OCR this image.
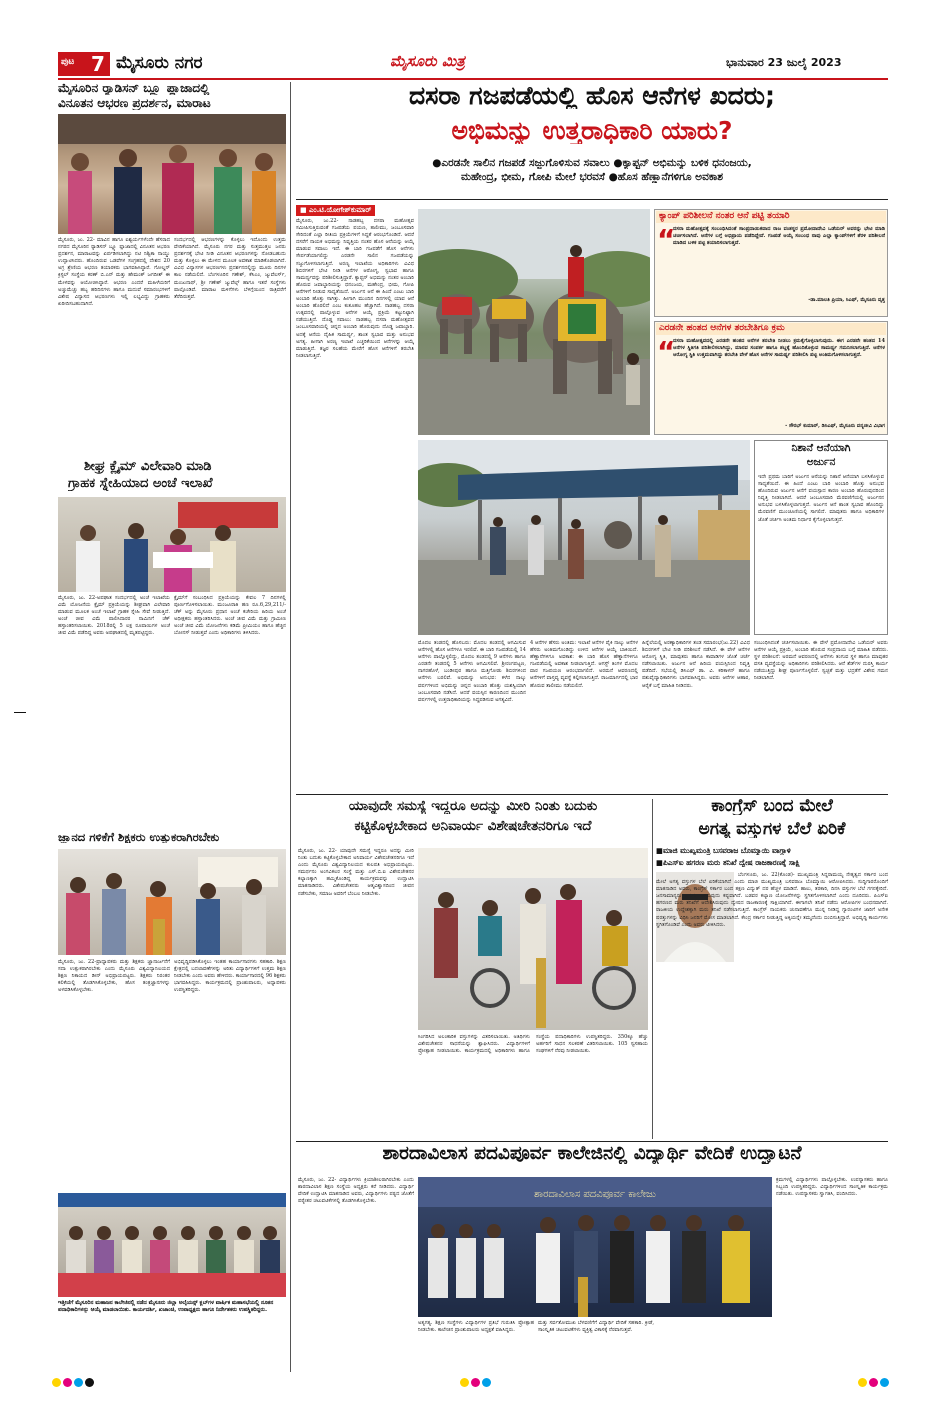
ಪುಟ 7 ಮೈಸೂರು ನಗರ	ಮೈಸೂರು ಮಿತ್ರ	ಭಾನುವಾರ 23 ಜುಲೈ 2023
ಮೈಸೂರಿನ ರ‍್ಯಾಡಿಸನ್ ಬ್ಲ್ಯೂ ಪ್ಲಾಜಾದಲ್ಲಿ
ವಿನೂತನ ಆಭರಣ ಪ್ರದರ್ಶನ, ಮಾರಾಟ
ಮೈಸೂರು, ಜು. 22- ಮಾವಿನ ಹಾಗೂ ಐಶ್ವರ್ಯಗಳೆಂದೇ ಹೆಸರಾದ ನಗರದ ಮೈಸೂರಿನ ರ‍್ಯಾಡಿಸನ್ ಬ್ಲ್ಯೂ ಪ್ಲಾಜಾದಲ್ಲಿ ವಿನೂತನ ಆಭರಣ ಪ್ರದರ್ಶನ, ಮಾರಾಟವನ್ನು ಏರ್ಪಡಿಸಲಾಗಿದ್ದು ನಟಿ ನಿಶ್ವಿಕಾ ನಾಯ್ಡು ಉದ್ಘಾಟಿಸಿದರು. ಹೊಂದಿರುವ ಒಡವೆಗಳ ಸಂಗ್ರಹದಲ್ಲಿ ದೇಶದ 20 ಅಗ್ರ ಶ್ರೇಣಿಯ ಆಭರಣ ತಯಾರಕರು ಭಾಗವಹಿಸಿದ್ದಾರೆ. ಗೋಲ್ಡನ್ ಕ್ರಿಸ್ಟಲ್ ಸಂಸ್ಥೆಯ ಕರಣ್ ಬಿ.ಎನ್ ಮತ್ತು ಹೇಮಂತ್ ಜಗದೀಶ್ ಈ ಮೇಳವನ್ನು ಆಯೋಜಿಸಿದ್ದಾರೆ. ಆಭರಣ ಎಂದರೆ ಮಹಿಳೆಯರಿಗೆ ಅಚ್ಚುಮೆಚ್ಚು ಹಬ್ಬ ಹರಿದಿನಗಳು ಹಾಗೂ ಮದುವೆ ಸಮಾರಂಭಗಳಿಗೆ ವಿಶೇಷ ವಿನ್ಯಾಸದ ಆಭರಣಗಳು ಇಲ್ಲಿ ಲಭ್ಯವಿದ್ದು ಗ್ರಾಹಕರು ಖರೀದಿಸಬಹುದಾಗಿದೆ.
ಸಂದರ್ಭದಲ್ಲಿ ಆಭರಣಗಳನ್ನು ಕೊಳ್ಳಲು ಇದೊಂದು ಉತ್ತಮ ವೇದಿಕೆಯಾಗಿದೆ. ಮೈಸೂರು ನಗರ ಮತ್ತು ಸುತ್ತಮುತ್ತಲ ಜನರು ಪ್ರದರ್ಶನಕ್ಕೆ ಭೇಟಿ ನೀಡಿ ವಿನೂತನ ಆಭರಣಗಳನ್ನು ನೋಡಬಹುದು ಮತ್ತು ಕೊಳ್ಳಲು ಈ ಮೇಳದ ಮೂಲಕ ಅವಕಾಶ ಮಾಡಿಕೊಡಲಾಗಿದೆ. ವಿವಿಧ ವಿನ್ಯಾಸಗಳ ಆಭರಣಗಳು ಪ್ರದರ್ಶನದಲ್ಲಿದ್ದು ಮೂರು ದಿನಗಳ ಕಾಲ ನಡೆಯಲಿದೆ. ಬೆಂಗಳೂರಿನ ಗಣೇಶ್, ಕೆಸಿಎಂ, ಜ್ಯುವೆಲರ್ಸ್, ಮಂಜುನಾಥ್, ಶ್ರೀ ಗಣೇಶ್ ಜ್ಯುವೆಲ್ಸ್ ಹಾಗೂ ಇತರೆ ಸಂಸ್ಥೆಗಳು ಪಾಲ್ಗೊಂಡಿವೆ. ಮಾರಾಟ ಮಳಿಗೆಗಳು ಬೆಳಿಗ್ಗೆಯಿಂದ ರಾತ್ರಿವರೆಗೆ ತೆರೆದಿರುತ್ತವೆ.
ಶೀಘ್ರ ಕ್ಲೈಮ್ ವಿಲೇವಾರಿ ಮಾಡಿ
ಗ್ರಾಹಕ ಸ್ನೇಹಿಯಾದ ಅಂಚೆ ಇಲಾಖೆ
ಮೈಸೂರು, ಜು. 22-ಅಪಘಾತ ಸಂದರ್ಭದಲ್ಲಿ ಅಂಚೆ ಇಲಾಖೆಯ ವಿಮೆ ಯೋಜನೆಯ ಕ್ಲೈಮ್ ಪ್ರಕ್ರಿಯೆಯನ್ನು ಶೀಘ್ರವಾಗಿ ವಿಲೇವಾರಿ ಮಾಡುವ ಮೂಲಕ ಅಂಚೆ ಇಲಾಖೆ ಗ್ರಾಹಕ ಸ್ನೇಹಿ ಸೇವೆ ನೀಡುತ್ತಿದೆ. ಅಂಚೆ ಜೀವ ವಿಮೆ ಪಾಲಿಸಿದಾರರ ನಾಮಿನಿಗೆ ಚೆಕ್ ಹಸ್ತಾಂತರಿಸಲಾಯಿತು. 2018ರಲ್ಲಿ 5 ಲಕ್ಷ ರೂಪಾಯಿಗಳ ಅಂಚೆ ಜೀವ ವಿಮೆ ಪಡೆದಿದ್ದ ಅವರು ಅಪಘಾತದಲ್ಲಿ ಮೃತಪಟ್ಟಿದ್ದರು.
ಕ್ಲೈಮ್‌ಗೆ ಸಂಬಂಧಿಸಿದ ಪ್ರಕ್ರಿಯೆಯನ್ನು ಕೇವಲ 7 ದಿನಗಳಲ್ಲಿ ಪೂರ್ಣಗೊಳಿಸಲಾಯಿತು. ಮಂಜೂರಾತಿ ಹಣ ರೂ.6,29,211/- ಚೆಕ್ ಅನ್ನು ಮೈಸೂರು ಪ್ರಧಾನ ಅಂಚೆ ಕಚೇರಿಯ ಹಿರಿಯ ಅಂಚೆ ಅಧೀಕ್ಷಕರು ಹಸ್ತಾಂತರಿಸಿದರು. ಅಂಚೆ ಜೀವ ವಿಮೆ ಮತ್ತು ಗ್ರಾಮೀಣ ಅಂಚೆ ಜೀವ ವಿಮೆ ಯೋಜನೆಗಳು ಕಡಿಮೆ ಪ್ರೀಮಿಯಂ ಹಾಗೂ ಹೆಚ್ಚಿನ ಬೋನಸ್ ನೀಡುತ್ತವೆ ಎಂದು ಅಧಿಕಾರಿಗಳು ತಿಳಿಸಿದರು.
ಜ್ಞಾನದ ಗಳಿಕೆಗೆ ಶಿಕ್ಷಕರು ಉತ್ಸುಕರಾಗಿರಬೇಕು
ಮೈಸೂರು, ಜು. 22-ಪ್ರಾಧ್ಯಾಪಕರು ಮತ್ತು ಶಿಕ್ಷಕರು ಜ್ಞಾನಾರ್ಜನೆಗೆ ಸದಾ ಉತ್ಸುಕರಾಗಿರಬೇಕು ಎಂದು ಮೈಸೂರು ವಿಶ್ವವಿದ್ಯಾನಿಲಯದ ಶಿಕ್ಷಣ ನಿಕಾಯದ ಡೀನ್ ಅಭಿಪ್ರಾಯಪಟ್ಟರು. ಶಿಕ್ಷಕರು ನಿರಂತರ ಕಲಿಕೆಯಲ್ಲಿ ತೊಡಗಿಸಿಕೊಳ್ಳಬೇಕು, ಹೊಸ ತಂತ್ರಜ್ಞಾನಗಳನ್ನು ಅಳವಡಿಸಿಕೊಳ್ಳಬೇಕು.
ಅಭಿವೃದ್ಧಿಪಡಿಸಿಕೊಳ್ಳಲು ಇಂತಹ ಕಾರ್ಯಾಗಾರಗಳು ಸಹಕಾರಿ. ಶಿಕ್ಷಣ ಕ್ಷೇತ್ರದಲ್ಲಿ ಬದಲಾವಣೆಗಳನ್ನು ಅರಿತು ವಿದ್ಯಾರ್ಥಿಗಳಿಗೆ ಉತ್ತಮ ಶಿಕ್ಷಣ ನೀಡಬೇಕು ಎಂದು ಅವರು ಹೇಳಿದರು. ಕಾರ್ಯಾಗಾರದಲ್ಲಿ 96 ಶಿಕ್ಷಕರು ಭಾಗವಹಿಸಿದ್ದರು. ಕಾರ್ಯಕ್ರಮದಲ್ಲಿ ಪ್ರಾಂಶುಪಾಲರು, ಅಧ್ಯಾಪಕರು ಉಪಸ್ಥಿತರಿದ್ದರು.
ಇತ್ತೀಚೆಗೆ ಮೈಸೂರಿನ ಮಹಾಜನ ಕಾಲೇಜಿನಲ್ಲಿ ನಡೆದ ಮೈಸೂರು ಜಿಲ್ಲಾ ಅಲೈಯನ್ಸ್ ಕ್ಲಬ್‌ಗಳ ವಾರ್ಷಿಕ ಮಹಾಸಭೆಯಲ್ಲಿ ನೂತನ ಪದಾಧಿಕಾರಿಗಳನ್ನು ಆಯ್ಕೆ ಮಾಡಲಾಯಿತು. ಕಾರ್ಯದರ್ಶಿ, ಖಜಾಂಚಿ, ಉಪಾಧ್ಯಕ್ಷರು ಹಾಗೂ ನಿರ್ದೇಶಕರು ಉಪಸ್ಥಿತರಿದ್ದರು.
ದಸರಾ ಗಜಪಡೆಯಲ್ಲಿ ಹೊಸ ಆನೆಗಳ ಖದರು;
ಅಭಿಮನ್ಯು ಉತ್ತರಾಧಿಕಾರಿ ಯಾರು?
●ಎರಡನೇ ಸಾಲಿನ ಗಜಪಡೆ ಸಜ್ಜುಗೊಳಿಸುವ ಸವಾಲು ●ಕ್ಯಾಪ್ಟನ್ ಅಭಿಮನ್ಯು ಬಳಿಕ ಧನಂಜಯ,
ಮಹೇಂದ್ರ, ಭೀಮ, ಗೋಪಿ ಮೇಲೆ ಭರವಸೆ ●ಹೊಸ ಹೆಣ್ಣಾನೆಗಳಿಗೂ ಅವಕಾಶ
■ ಎಂ.ಟಿ.ಯೋಗೇಶ್‌ಕುಮಾರ್
ಮೈಸೂರು, ಜು.22- ನಾಡಹಬ್ಬ ದಸರಾ ಮಹೋತ್ಸವ ಸಮೀಪಿಸುತ್ತಿರುವಂತೆ ಗಜಪಡೆಯ ಪಯಣ, ತಾಲೀಮು, ಜಂಬೂಸವಾರಿ ಸೇರಿದಂತೆ ಎಲ್ಲಾ ರೀತಿಯ ಪ್ರಕ್ರಿಯೆಗಳಿಗೆ ಸಿದ್ಧತೆ ಆರಂಭಗೊಂಡಿದೆ. ಆದರೆ ದಸರೆಗೆ ನಾಯಕ ಅಭಿಮನ್ಯು ನಿವೃತ್ತಿಯ ನಂತರ ಹೊಸ ಆನೆಯನ್ನು ಆಯ್ಕೆ ಮಾಡುವ ಸವಾಲು ಇದೆ. ಈ ಬಾರಿ ಗಜಪಡೆಗೆ ಹೊಸ ಆನೆಗಳು ಸೇರ್ಪಡೆಯಾಗಲಿದ್ದು ಎರಡನೇ ಸಾಲಿನ ಗಜಪಡೆಯನ್ನು ಸಜ್ಜುಗೊಳಿಸಲಾಗುತ್ತಿದೆ. ಅರಣ್ಯ ಇಲಾಖೆಯ ಅಧಿಕಾರಿಗಳು ವಿವಿಧ ಶಿಬಿರಗಳಿಗೆ ಭೇಟಿ ನೀಡಿ ಆನೆಗಳ ಆರೋಗ್ಯ, ಸ್ವಭಾವ ಹಾಗೂ ಸಾಮರ್ಥ್ಯವನ್ನು ಪರಿಶೀಲಿಸುತ್ತಿದ್ದಾರೆ. ಕ್ಯಾಪ್ಟನ್ ಅಭಿಮನ್ಯು ನಂತರ ಅಂಬಾರಿ ಹೊರುವ ಜವಾಬ್ದಾರಿಯನ್ನು ಧನಂಜಯ, ಮಹೇಂದ್ರ, ಭೀಮ, ಗೋಪಿ ಆನೆಗಳಿಗೆ ನೀಡುವ ಸಾಧ್ಯತೆಯಿದೆ. ಅರ್ಜುನ ಆನೆ ಈ ಹಿಂದೆ ಎಂಟು ಬಾರಿ ಅಂಬಾರಿ ಹೊತ್ತು ಸಾಗಿತ್ತು. ಹೀಗಾಗಿ ಮುಂದಿನ ದಿನಗಳಲ್ಲಿ ಯಾವ ಆನೆ ಅಂಬಾರಿ ಹೊರಲಿದೆ ಎಂಬ ಕುತೂಹಲ ಹೆಚ್ಚಾಗಿದೆ. ನಾಡಹಬ್ಬ ದಸರಾ ಉತ್ಸವದಲ್ಲಿ ಪಾಲ್ಗೊಳ್ಳುವ ಆನೆಗಳ ಆಯ್ಕೆ ಪ್ರಕ್ರಿಯೆ ಕಟ್ಟುನಿಟ್ಟಾಗಿ ನಡೆಯುತ್ತಿದೆ. ದೊಡ್ಡ ಸವಾಲು: ನಾಡಹಬ್ಬ ದಸರಾ ಮಹೋತ್ಸವದ ಜಂಬೂಸವಾರಿಯಲ್ಲಿ ಚಿನ್ನದ ಅಂಬಾರಿ ಹೊರುವುದು ದೊಡ್ಡ ಜವಾಬ್ದಾರಿ. ಅದಕ್ಕೆ ಆನೆಯ ದೈಹಿಕ ಸಾಮರ್ಥ್ಯ, ಶಾಂತ ಸ್ವಭಾವ ಮತ್ತು ಅನುಭವ ಅಗತ್ಯ. ಹೀಗಾಗಿ ಅರಣ್ಯ ಇಲಾಖೆ ಎಚ್ಚರಿಕೆಯಿಂದ ಆನೆಗಳನ್ನು ಆಯ್ಕೆ ಮಾಡುತ್ತಿದೆ. ತಜ್ಞರ ಸಲಹೆಯ ಮೇರೆಗೆ ಹೊಸ ಆನೆಗಳಿಗೆ ತರಬೇತಿ ನೀಡಲಾಗುತ್ತಿದೆ.
ಕ್ಯಾಂಪ್ ಪರಿಶೀಲನೆ ನಂತರ ಆನೆ ಪಟ್ಟಿ ತಯಾರಿ
“
ದಸರಾ ಮಹೋತ್ಸವಕ್ಕೆ ಸಂಬಂಧಿಸಿದಂತೆ ಸಾಂಪ್ರದಾಯಿಕವಾದ ರಾಜ ವಂಶಸ್ಥರ ಪ್ರಮೋದಾದೇವಿ ಒಡೆಯರ್ ಅವರನ್ನು ಭೇಟಿ ಮಾಡಿ ಚರ್ಚಿಸಲಾಗಿದೆ. ಆನೆಗಳ ಬಗ್ಗೆ ಅಭಿಪ್ರಾಯ ಪಡೆದಿದ್ದೇವೆ. ಗಜಪಡೆ ಆಯ್ಕೆ ಸಂಬಂಧ ನಾವು ಎಲ್ಲಾ ಕ್ಯಾಂಪ್‌ಗಳಿಗೆ ತೆರಳಿ ಪರಿಶೀಲನೆ ಮಾಡಿದ ಬಳಿಕ ಪಟ್ಟಿ ತಯಾರಿಸಲಾಗುತ್ತದೆ.
-ಡಾ.ಮಾಲತಿ ಪ್ರಿಯಾ, ಸಿಎಫ್, ಮೈಸೂರು ವೃತ್ತ
ಎರಡನೇ ಹಂತದ ಆನೆಗಳ ತರಬೇತಿಗೂ ಕ್ರಮ
“
ದಸರಾ ಮಹೋತ್ಸವದಲ್ಲಿ ಎರಡನೇ ಹಂತದ ಆನೆಗಳ ತರಬೇತಿ ನೀಡಲು ಕ್ರಮಕೈಗೊಳ್ಳಲಾಗುವುದು. ಈಗ ಎರಡನೇ ಹಂತದ 14 ಆನೆಗಳ ಸ್ಥಿತಿಗತಿ ಪರಿಶೀಲಿಸಲಾಗಿದ್ದು, ಮಾನವ ಸಂಪರ್ಕ ಹಾಗೂ ಶಬ್ದಕ್ಕೆ ಹೊಂದಿಕೊಳ್ಳುವ ಸಾಮರ್ಥ್ಯ ಗಮನಿಸಲಾಗುತ್ತಿದೆ. ಆನೆಗಳ ಆರೋಗ್ಯ ಸ್ಥಿತಿ ಉತ್ತಮವಾಗಿದ್ದು ತರಬೇತಿ ವೇಳೆ ಹೊಸ ಆನೆಗಳ ಸಾಮರ್ಥ್ಯ ಪರಿಶೀಲಿಸಿ ಪಟ್ಟಿ ಅಂತಿಮಗೊಳಿಸಲಾಗುತ್ತದೆ.
- ಸೌರಭ್ ಕುಮಾರ್, ಡಿಸಿಎಫ್, ಮೈಸೂರು ವನ್ಯಜೀವಿ ವಿಭಾಗ
ನಿಶಾನೆ ಆನೆಯಾಗಿ
ಅರ್ಜುನ
ಇದೇ ಪ್ರಥಮ ಬಾರಿಗೆ ಅರ್ಜುನ ಆನೆಯನ್ನು ನಿಶಾನೆ ಆನೆಯಾಗಿ ಬಳಸಿಕೊಳ್ಳುವ ಸಾಧ್ಯತೆಯಿದೆ. ಈ ಹಿಂದೆ ಎಂಟು ಬಾರಿ ಅಂಬಾರಿ ಹೊತ್ತು ಅನುಭವ ಹೊಂದಿರುವ ಅರ್ಜುನ ಆನೆಗೆ ವಯಸ್ಸಾದ ಕಾರಣ ಅಂಬಾರಿ ಹೊರುವುದರಿಂದ ನಿವೃತ್ತಿ ನೀಡಲಾಗಿದೆ. ಆದರೆ ಜಂಬೂಸವಾರಿ ಮೆರವಣಿಗೆಯಲ್ಲಿ ಅರ್ಜುನನ ಅನುಭವ ಬಳಸಿಕೊಳ್ಳಲಾಗುತ್ತದೆ. ಅರ್ಜುನ ಆನೆ ಶಾಂತ ಸ್ವಭಾವ ಹೊಂದಿದ್ದು ಮೆರವಣಿಗೆ ಮುಂಚೂಣಿಯಲ್ಲಿ ಸಾಗಲಿದೆ. ಮಾವುತರು ಹಾಗೂ ಅಧಿಕಾರಿಗಳ ಜೊತೆ ಚರ್ಚಿಸಿ ಅಂತಿಮ ನಿರ್ಧಾರ ಕೈಗೊಳ್ಳಲಾಗುತ್ತದೆ.
ಮೊದಲ ತಂಡದಲ್ಲಿ ಹೊಸಬರು: ಮೊದಲ ತಂಡದಲ್ಲಿ ಆಗಮಿಸುವ ಆನೆಗಳಲ್ಲಿ ಹೊಸ ಆನೆಗಳೂ ಇರಲಿವೆ. ಈ ಬಾರಿ ಗಜಪಡೆಯಲ್ಲಿ 14 ಆನೆಗಳು ಪಾಲ್ಗೊಳ್ಳಲಿದ್ದು, ಮೊದಲ ತಂಡದಲ್ಲಿ 9 ಆನೆಗಳು ಹಾಗೂ ಎರಡನೇ ತಂಡದಲ್ಲಿ 5 ಆನೆಗಳು ಆಗಮಿಸಲಿವೆ. ಶ್ರೀರಂಗಪಟ್ಟಣ, ನಾಗರಹೊಳೆ, ಬಂಡೀಪುರ ಹಾಗೂ ಮತ್ತಿಗೋಡು ಶಿಬಿರಗಳಿಂದ ಆನೆಗಳು ಬರಲಿವೆ. ಅಭಿಮನ್ಯು ಅನುಭವ: ಕಳೆದ ನಾಲ್ಕು ವರ್ಷಗಳಿಂದ ಅಭಿಮನ್ಯು ಚಿನ್ನದ ಅಂಬಾರಿ ಹೊತ್ತು ಯಶಸ್ವಿಯಾಗಿ ಜಂಬೂಸವಾರಿ ನಡೆಸಿದೆ. ಆದರೆ ವಯಸ್ಸಿನ ಕಾರಣದಿಂದ ಮುಂದಿನ ವರ್ಷಗಳಲ್ಲಿ ಉತ್ತರಾಧಿಕಾರಿಯನ್ನು ಸಿದ್ಧಪಡಿಸುವ ಅಗತ್ಯವಿದೆ.
4 ಆನೆಗಳ ಹೆಸರು ಅಂತಿಮ: ಇಲಾಖೆ ಆನೆಗಳ ಪೈಕಿ ನಾಲ್ಕು ಆನೆಗಳ ಹೆಸರು ಅಂತಿಮಗೊಂಡಿದ್ದು ಉಳಿದ ಆನೆಗಳ ಆಯ್ಕೆ ಬಾಕಿಯಿದೆ. ಹೆಣ್ಣಾನೆಗಳಿಗೂ ಅವಕಾಶ: ಈ ಬಾರಿ ಹೊಸ ಹೆಣ್ಣಾನೆಗಳಿಗೂ ಗಜಪಡೆಯಲ್ಲಿ ಅವಕಾಶ ನೀಡಲಾಗುತ್ತಿದೆ. ಆಗಸ್ಟ್ ತಿಂಗಳ ಮೊದಲ ವಾರ ಗಜಪಯಣ ಆರಂಭವಾಗಲಿದೆ. ಅರಮನೆ ಆವರಣದಲ್ಲಿ ಆನೆಗಳಿಗೆ ವಾಸ್ತವ್ಯ ವ್ಯವಸ್ಥೆ ಕಲ್ಪಿಸಲಾಗುತ್ತಿದೆ. ರಾಜಮಾರ್ಗದಲ್ಲಿ ಭಾರ ಹೊರುವ ತಾಲೀಮು ನಡೆಯಲಿದೆ.
ಹಿನ್ನೆಲೆಯಲ್ಲಿ ಅರಣ್ಯಾಧಿಕಾರಿಗಳ ತಂಡ ಸಮಾರಂಭ(ಜು.22) ವಿವಿಧ ಶಿಬಿರಗಳಿಗೆ ಭೇಟಿ ನೀಡಿ ಪರಿಶೀಲನೆ ನಡೆಸಿದೆ. ಈ ವೇಳೆ ಆನೆಗಳ ಆರೋಗ್ಯ ಸ್ಥಿತಿ, ಮಾವುತರು ಹಾಗೂ ಕಾವಾಡಿಗಳ ಜೊತೆ ಚರ್ಚೆ ನಡೆಸಲಾಯಿತು. ಅರ್ಜುನ ಆನೆ ಹಿರಿಯ ವಯಸ್ಸಿನಿಂದ ನಿವೃತ್ತಿ ಪಡೆದಿದೆ. ಸಭೆಯಲ್ಲಿ ಡಿಸಿಎಫ್ ಡಾ. ವಿ. ಕರಿಕಾಳನ್ ಹಾಗೂ ಪಶುವೈದ್ಯಾಧಿಕಾರಿಗಳು ಭಾಗವಹಿಸಿದ್ದರು. ಅವರು ಆನೆಗಳ ಆಹಾರ, ಆರೈಕೆ ಬಗ್ಗೆ ಮಾಹಿತಿ ನೀಡಿದರು.
ಸಂಬಂಧಿಸಿದಂತೆ ಚರ್ಚಿಸಲಾಯಿತು. ಈ ವೇಳೆ ಪ್ರಮೋದಾದೇವಿ ಒಡೆಯರ್ ಅವರು ಆನೆಗಳ ಆಯ್ಕೆ ಪ್ರಕ್ರಿಯೆ, ಅಂಬಾರಿ ಹೊರುವ ಸಂಪ್ರದಾಯ ಬಗ್ಗೆ ಮಾಹಿತಿ ಪಡೆದರು. ಸ್ಥಳ ಪರಿಶೀಲನೆ: ಅರಮನೆ ಆವರಣದಲ್ಲಿ ಆನೆಗಳು ತಂಗುವ ಸ್ಥಳ ಹಾಗೂ ಮಾವುತರ ವಸತಿ ವ್ಯವಸ್ಥೆಯನ್ನು ಅಧಿಕಾರಿಗಳು ಪರಿಶೀಲಿಸಿದರು. ಆನೆ ಶೆಡ್‌ಗಳ ದುರಸ್ತಿ ಕಾರ್ಯ ನಡೆಯುತ್ತಿದ್ದು ಶೀಘ್ರ ಪೂರ್ಣಗೊಳ್ಳಲಿದೆ. ಸ್ವಚ್ಛತೆ ಮತ್ತು ಭದ್ರತೆಗೆ ವಿಶೇಷ ಗಮನ ನೀಡಲಾಗಿದೆ.
ಯಾವುದೇ ಸಮಸ್ಯೆ ಇದ್ದರೂ ಅದನ್ನು ಮೀರಿ ನಿಂತು ಬದುಕು
ಕಟ್ಟಿಕೊಳ್ಳಬೇಕಾದ ಅನಿವಾರ್ಯ ವಿಶೇಷಚೇತನರಿಗೂ ಇದೆ
ಮೈಸೂರು, ಜು. 22- ಯಾವುದೇ ಸಮಸ್ಯೆ ಇದ್ದರೂ ಅದನ್ನು ಮೀರಿ ನಿಂತು ಬದುಕು ಕಟ್ಟಿಕೊಳ್ಳಬೇಕಾದ ಅನಿವಾರ್ಯ ವಿಶೇಷಚೇತನರಿಗೂ ಇದೆ ಎಂದು ಮೈಸೂರು ವಿಶ್ವವಿದ್ಯಾನಿಲಯದ ಕುಲಪತಿ ಅಭಿಪ್ರಾಯಪಟ್ಟರು. ಸಮರ್ಥನಂ ಅಂಗವಿಕಲರ ಸಂಸ್ಥೆ ಮತ್ತು ಎಸ್.ಬಿ.ಐ ವಿಶೇಷಚೇತನರ ಕಲ್ಯಾಣಕ್ಕಾಗಿ ಹಮ್ಮಿಕೊಂಡಿದ್ದ ಕಾರ್ಯಕ್ರಮವನ್ನು ಉದ್ಘಾಟಿಸಿ ಮಾತನಾಡಿದರು. ವಿಶೇಷಚೇತನರು ಆತ್ಮವಿಶ್ವಾಸದಿಂದ ಜೀವನ ನಡೆಸಬೇಕು, ಸಮಾಜ ಅವರಿಗೆ ಬೆಂಬಲ ನೀಡಬೇಕು.
ಸಿಂಗರಿಸಿದ ಅಲಂಕಾರಿಕ ವಸ್ತುಗಳನ್ನು ವಿತರಿಸಲಾಯಿತು. ಅತಿಥಿಗಳು ವಿಶೇಷಚೇತನರ ಸಾಧನೆಯನ್ನು ಶ್ಲಾಘಿಸಿದರು. ವಿದ್ಯಾರ್ಥಿಗಳಿಗೆ ಪ್ರೋತ್ಸಾಹ ನೀಡಲಾಯಿತು. ಕಾರ್ಯಕ್ರಮದಲ್ಲಿ ಅಧಿಕಾರಿಗಳು ಹಾಗೂ ಸಂಸ್ಥೆಯ ಪದಾಧಿಕಾರಿಗಳು ಉಪಸ್ಥಿತರಿದ್ದರು. 350ಕ್ಕೂ ಹೆಚ್ಚು ಅರ್ಹರಿಗೆ ಸಾಧನ ಸಲಕರಣೆ ವಿತರಿಸಲಾಯಿತು. 105 ಸ್ವಸಹಾಯ ಸಂಘಗಳಿಗೆ ನೆರವು ನೀಡಲಾಯಿತು.
ಕಾಂಗ್ರೆಸ್ ಬಂದ ಮೇಲೆ
ಅಗತ್ಯ ವಸ್ತುಗಳ ಬೆಲೆ ಏರಿಕೆ
■ಮಾಜಿ ಮುಖ್ಯಮಂತ್ರಿ ಬಸವರಾಜ ಬೊಮ್ಮಾಯಿ ವಾಗ್ದಾಳಿ
■ಪಿಎಸ್‌ಐ ಹಗರಣ ಮರು ತನಿಖೆ ದ್ವೇಷ ರಾಜಕಾರಣಕ್ಕೆ ಸಾಕ್ಷಿ
ಬೆಂಗಳೂರು, ಜು. 22(ಕೊಂಡ)- ಮುಖ್ಯಮಂತ್ರಿ ಸಿದ್ದರಾಮಯ್ಯ ನೇತೃತ್ವದ ಸರ್ಕಾರ ಬಂದ ಮೇಲೆ ಅಗತ್ಯ ವಸ್ತುಗಳ ಬೆಲೆ ಏರಿಕೆಯಾಗಿದೆ ಎಂದು ಮಾಜಿ ಮುಖ್ಯಮಂತ್ರಿ ಬಸವರಾಜ ಬೊಮ್ಮಾಯಿ ಆರೋಪಿಸಿದರು. ಸುದ್ದಿಗಾರರೊಂದಿಗೆ ಮಾತನಾಡಿದ ಅವರು, ಕಾಂಗ್ರೆಸ್ ಸರ್ಕಾರ ಬಂದ ತಕ್ಷಣ ವಿದ್ಯುತ್ ದರ ಹೆಚ್ಚಳ ಮಾಡಿದೆ. ಹಾಲು, ತರಕಾರಿ, ದಿನಸಿ ವಸ್ತುಗಳ ಬೆಲೆ ಗಗನಕ್ಕೇರಿದೆ. ಜನಸಾಮಾನ್ಯರು ಬದುಕು ಸಾಗಿಸುವುದು ಕಷ್ಟವಾಗಿದೆ. ಬಡವರ ಕಲ್ಯಾಣ ಯೋಜನೆಗಳನ್ನು ಸ್ಥಗಿತಗೊಳಿಸಲಾಗಿದೆ ಎಂದು ದೂರಿದರು. ಪಿಎಸ್‌ಐ ಹಗರಣದ ಮರು ತನಿಖೆಗೆ ಆದೇಶಿಸಿರುವುದು ದ್ವೇಷದ ರಾಜಕಾರಣಕ್ಕೆ ಸಾಕ್ಷಿಯಾಗಿದೆ. ಈಗಾಗಲೇ ತನಿಖೆ ನಡೆದು ಆರೋಪಿಗಳ ಬಂಧನವಾಗಿದೆ. ರಾಜಕೀಯ ಉದ್ದೇಶಕ್ಕಾಗಿ ಮರು ತನಿಖೆ ನಡೆಸಲಾಗುತ್ತಿದೆ. ಕಾಂಗ್ರೆಸ್ ನಾಯಕರು ಚುನಾವಣೆಗೂ ಮುನ್ನ ನೀಡಿದ್ದ ಗ್ಯಾರಂಟಿಗಳ ಜಾರಿಗೆ ಅನೇಕ ಷರತ್ತುಗಳನ್ನು ವಿಧಿಸಿ ಜನರಿಗೆ ಮೋಸ ಮಾಡಲಾಗಿದೆ. ಕೇಂದ್ರ ಸರ್ಕಾರ ನೀಡುತ್ತಿದ್ದ ಅಕ್ಕಿಯನ್ನೇ ತಮ್ಮದೆಂದು ಬಿಂಬಿಸುತ್ತಿದ್ದಾರೆ. ಅಭಿವೃದ್ಧಿ ಕಾರ್ಯಗಳು ಸ್ಥಗಿತಗೊಂಡಿವೆ ಎಂದು ಅವರು ಟೀಕಿಸಿದರು.
ಶಾರದಾವಿಲಾಸ ಪದವಿಪೂರ್ವ ಕಾಲೇಜಿನಲ್ಲಿ ವಿದ್ಯಾರ್ಥಿ ವೇದಿಕೆ ಉದ್ಘಾಟನೆ
ಮೈಸೂರು, ಜು. 22- ವಿದ್ಯಾರ್ಥಿಗಳು ಕ್ರಿಯಾಶೀಲರಾಗಿರಬೇಕು ಎಂದು ಶಾರದಾವಿಲಾಸ ಶಿಕ್ಷಣ ಸಂಸ್ಥೆಯ ಅಧ್ಯಕ್ಷರು ಕರೆ ನೀಡಿದರು. ವಿದ್ಯಾರ್ಥಿ ವೇದಿಕೆ ಉದ್ಘಾಟಿಸಿ ಮಾತನಾಡಿದ ಅವರು, ವಿದ್ಯಾರ್ಥಿಗಳು ಪಠ್ಯದ ಜೊತೆಗೆ ಪಠ್ಯೇತರ ಚಟುವಟಿಕೆಗಳಲ್ಲಿ ತೊಡಗಿಸಿಕೊಳ್ಳಬೇಕು.
ಶಾರದಾವಿಲಾಸ ಪದವಿಪೂರ್ವ ಕಾಲೇಜು
ಅತ್ಯಗತ್ಯ. ಶಿಕ್ಷಣ ಸಂಸ್ಥೆಗಳು ವಿದ್ಯಾರ್ಥಿಗಳ ಪ್ರತಿಭೆ ಗುರುತಿಸಿ ಪ್ರೋತ್ಸಾಹ ನೀಡಬೇಕು. ಕಾಲೇಜಿನ ಪ್ರಾಂಶುಪಾಲರು ಅಧ್ಯಕ್ಷತೆ ವಹಿಸಿದ್ದರು.
ಮತ್ತು ಸರ್ವತೋಮುಖ ಬೆಳವಣಿಗೆಗೆ ವಿದ್ಯಾರ್ಥಿ ವೇದಿಕೆ ಸಹಕಾರಿ. ಕ್ರೀಡೆ, ಸಾಂಸ್ಕೃತಿಕ ಚಟುವಟಿಕೆಗಳು ವ್ಯಕ್ತಿತ್ವ ವಿಕಾಸಕ್ಕೆ ನೆರವಾಗುತ್ತವೆ.
ಕ್ರಮಗಳಲ್ಲಿ ವಿದ್ಯಾರ್ಥಿಗಳು ಪಾಲ್ಗೊಳ್ಳಬೇಕು. ಉಪನ್ಯಾಸಕರು ಹಾಗೂ ಸಿಬ್ಬಂದಿ ಉಪಸ್ಥಿತರಿದ್ದರು. ವಿದ್ಯಾರ್ಥಿಗಳಿಂದ ಸಾಂಸ್ಕೃತಿಕ ಕಾರ್ಯಕ್ರಮ ನಡೆಯಿತು. ಉಪನ್ಯಾಸಕರು ಸ್ವಾಗತಿಸಿ, ವಂದಿಸಿದರು.
